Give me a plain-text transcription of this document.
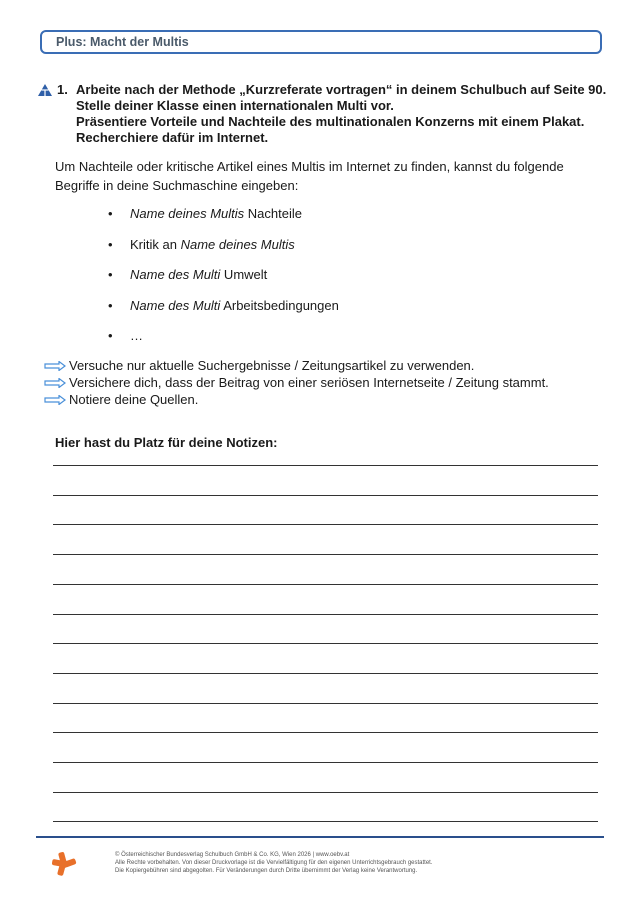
Plus: Macht der Multis
1. Arbeite nach der Methode „Kurzreferate vortragen“ in deinem Schulbuch auf Seite 90.
Stelle deiner Klasse einen internationalen Multi vor.
Präsentiere Vorteile und Nachteile des multinationalen Konzerns mit einem Plakat.
Recherchiere dafür im Internet.
Um Nachteile oder kritische Artikel eines Multis im Internet zu finden, kannst du folgende
Begriffe in deine Suchmaschine eingeben:
•	Name deines Multis Nachteile
•	Kritik an Name deines Multis
•	Name des Multi Umwelt
•	Name des Multi Arbeitsbedingungen
•	…
Versuche nur aktuelle Suchergebnisse / Zeitungsartikel zu verwenden.
Versichere dich, dass der Beitrag von einer seriösen Internetseite / Zeitung stammt.
Notiere deine Quellen.
Hier hast du Platz für deine Notizen:
© Österreichischer Bundesverlag Schulbuch GmbH & Co. KG, Wien 2026 | www.oebv.at
Alle Rechte vorbehalten. Von dieser Druckvorlage ist die Vervielfältigung für den eigenen Unterrichtsgebrauch gestattet.
Die Kopiergebühren sind abgegolten. Für Veränderungen durch Dritte übernimmt der Verlag keine Verantwortung.
